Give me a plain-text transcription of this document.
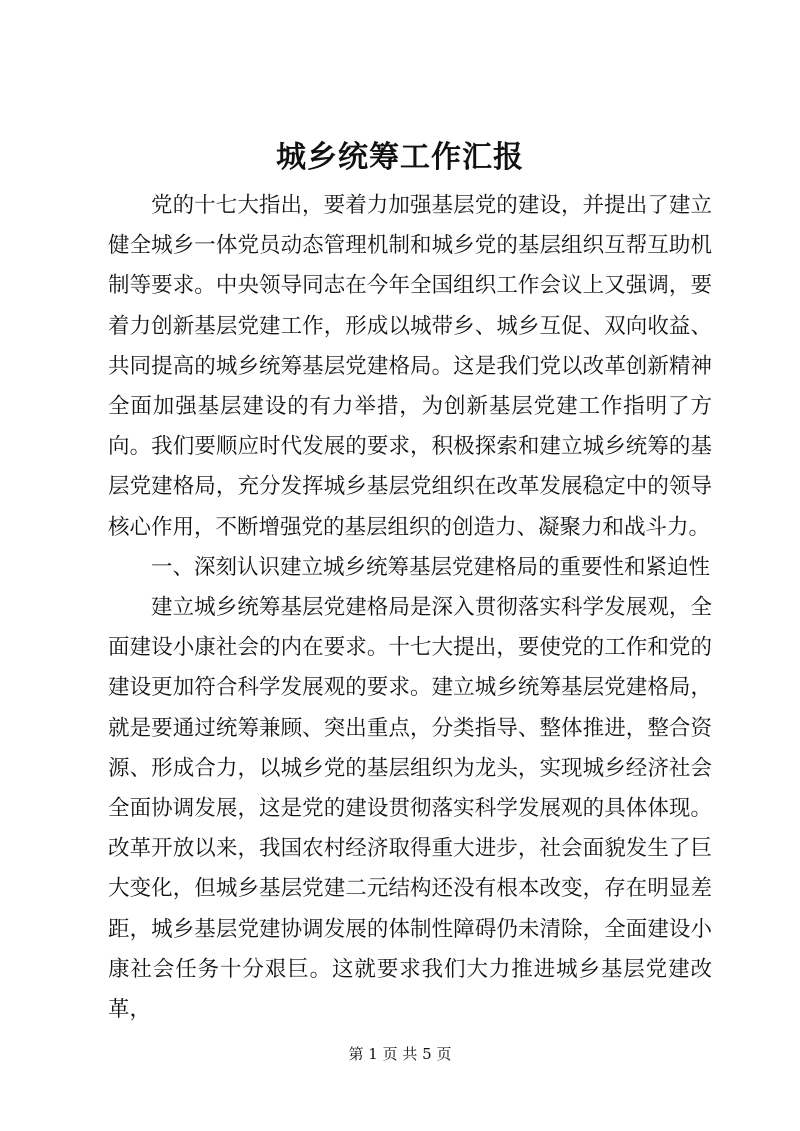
城乡统筹工作汇报

党的十七大指出，要着力加强基层党的建设，并提出了建立健全城乡一体党员动态管理机制和城乡党的基层组织互帮互助机制等要求。中央领导同志在今年全国组织工作会议上又强调，要着力创新基层党建工作，形成以城带乡、城乡互促、双向收益、共同提高的城乡统筹基层党建格局。这是我们党以改革创新精神全面加强基层建设的有力举措，为创新基层党建工作指明了方向。我们要顺应时代发展的要求，积极探索和建立城乡统筹的基层党建格局，充分发挥城乡基层党组织在改革发展稳定中的领导核心作用，不断增强党的基层组织的创造力、凝聚力和战斗力。

一、深刻认识建立城乡统筹基层党建格局的重要性和紧迫性

建立城乡统筹基层党建格局是深入贯彻落实科学发展观，全面建设小康社会的内在要求。十七大提出，要使党的工作和党的建设更加符合科学发展观的要求。建立城乡统筹基层党建格局，就是要通过统筹兼顾、突出重点，分类指导、整体推进，整合资源、形成合力，以城乡党的基层组织为龙头，实现城乡经济社会全面协调发展，这是党的建设贯彻落实科学发展观的具体体现。改革开放以来，我国农村经济取得重大进步，社会面貌发生了巨大变化，但城乡基层党建二元结构还没有根本改变，存在明显差距，城乡基层党建协调发展的体制性障碍仍未清除，全面建设小康社会任务十分艰巨。这就要求我们大力推进城乡基层党建改革，

第 1 页 共 5 页
